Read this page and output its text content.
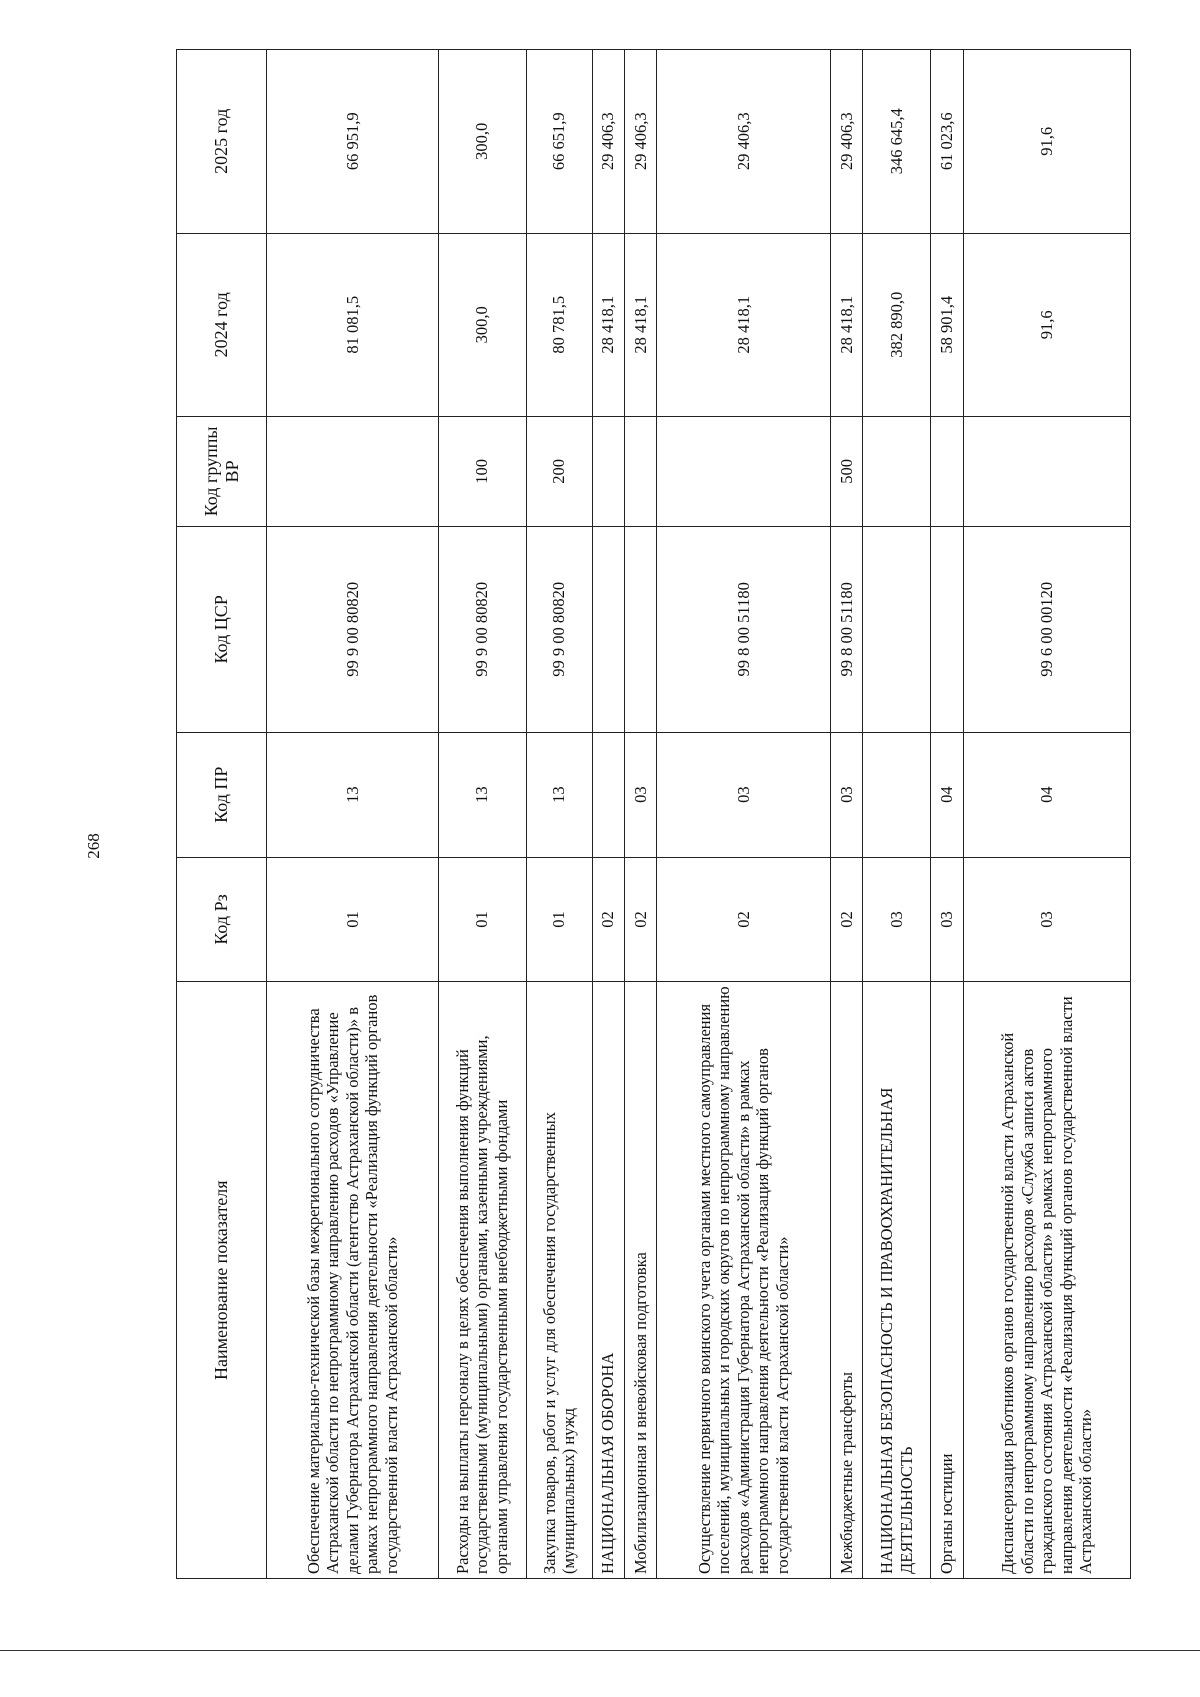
268
Наименование показателя	Код Рз	Код ПР	Код ЦСР	Код группы ВР	2024 год	2025 год
Обеспечение материально-технической базы межрегионального сотрудничества Астраханской области по непрограммному направлению расходов «Управление делами Губернатора Астраханской области (агентство Астраханской области)» в рамках непрограммного направления деятельности «Реализация функций органов государственной власти Астраханской области»	01	13	99 9 00 80820		81 081,5	66 951,9
Расходы на выплаты персоналу в целях обеспечения выполнения функций государственными (муниципальными) органами, казенными учреждениями, органами управления государственными внебюджетными фондами	01	13	99 9 00 80820	100	300,0	300,0
Закупка товаров, работ и услуг для обеспечения государственных (муниципальных) нужд	01	13	99 9 00 80820	200	80 781,5	66 651,9
НАЦИОНАЛЬНАЯ ОБОРОНА	02				28 418,1	29 406,3
Мобилизационная и вневойсковая подготовка	02	03			28 418,1	29 406,3
Осуществление первичного воинского учета органами местного самоуправления поселений, муниципальных и городских округов по непрограммному направлению расходов «Администрация Губернатора Астраханской области» в рамках непрограммного направления деятельности «Реализация функций органов государственной власти Астраханской области»	02	03	99 8 00 51180		28 418,1	29 406,3
Межбюджетные трансферты	02	03	99 8 00 51180	500	28 418,1	29 406,3
НАЦИОНАЛЬНАЯ БЕЗОПАСНОСТЬ И ПРАВООХРАНИТЕЛЬНАЯ ДЕЯТЕЛЬНОСТЬ	03				382 890,0	346 645,4
Органы юстиции	03	04			58 901,4	61 023,6
Диспансеризация работников органов государственной власти Астраханской области по непрограммному направлению расходов «Служба записи актов гражданского состояния Астраханской области» в рамках непрограммного направления деятельности «Реализация функций органов государственной власти Астраханской области»	03	04	99 6 00 00120		91,6	91,6
